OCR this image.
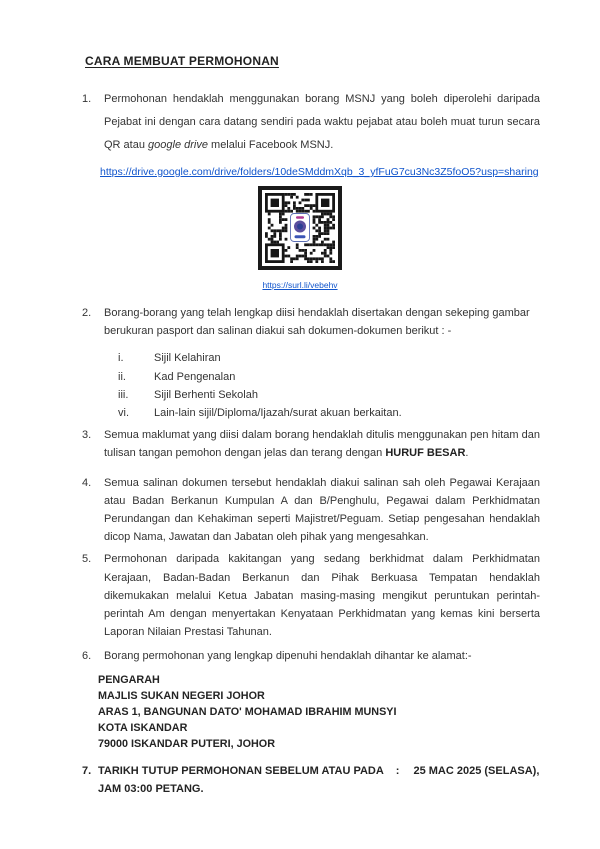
CARA MEMBUAT PERMOHONAN
1.	Permohonan hendaklah menggunakan borang MSNJ yang boleh diperolehi daripada Pejabat ini dengan cara datang sendiri pada waktu pejabat atau boleh muat turun secara QR atau google drive melalui Facebook MSNJ.
https://drive.google.com/drive/folders/10deSMddmXqb_3_yfFuG7cu3Nc3Z5foO5?usp=sharing
https://surl.li/vebehv
2.	Borang-borang yang telah lengkap diisi hendaklah disertakan dengan sekeping gambar berukuran pasport dan salinan diakui sah dokumen-dokumen berikut : -
i.	Sijil Kelahiran
ii.	Kad Pengenalan
iii.	Sijil Berhenti Sekolah
vi.	Lain-lain sijil/Diploma/Ijazah/surat akuan berkaitan.
3.	Semua maklumat yang diisi dalam borang hendaklah ditulis menggunakan pen hitam dan tulisan tangan pemohon dengan jelas dan terang dengan HURUF BESAR.
4.	Semua salinan dokumen tersebut hendaklah diakui salinan sah oleh Pegawai Kerajaan atau Badan Berkanun Kumpulan A dan B/Penghulu, Pegawai dalam Perkhidmatan Perundangan dan Kehakiman seperti Majistret/Peguam. Setiap pengesahan hendaklah dicop Nama, Jawatan dan Jabatan oleh pihak yang mengesahkan.
5.	Permohonan daripada kakitangan yang sedang berkhidmat dalam Perkhidmatan Kerajaan, Badan-Badan Berkanun dan Pihak Berkuasa Tempatan hendaklah dikemukakan melalui Ketua Jabatan masing-masing mengikut peruntukan perintah-perintah Am dengan menyertakan Kenyataan Perkhidmatan yang kemas kini berserta Laporan Nilaian Prestasi Tahunan.
6.	Borang permohonan yang lengkap dipenuhi hendaklah dihantar ke alamat:-
PENGARAH
MAJLIS SUKAN NEGERI JOHOR
ARAS 1, BANGUNAN DATO' MOHAMAD IBRAHIM MUNSYI
KOTA ISKANDAR
79000 ISKANDAR PUTERI, JOHOR
7. TARIKH TUTUP PERMOHONAN SEBELUM ATAU PADA : 25 MAC 2025 (SELASA), JAM 03:00 PETANG.
